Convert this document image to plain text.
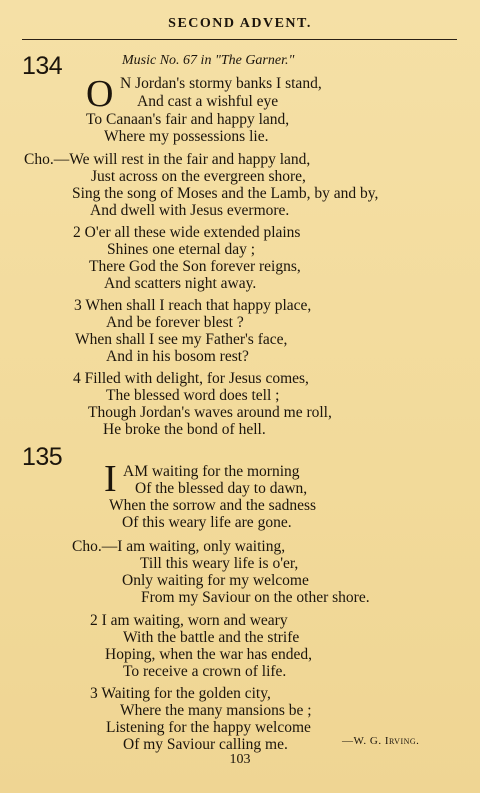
SECOND ADVENT.
134	Music No. 67 in "The Garner."
O N Jordan's stormy banks I stand,
And cast a wishful eye
To Canaan's fair and happy land,
Where my possessions lie.
Cho.—We will rest in the fair and happy land,
Just across on the evergreen shore,
Sing the song of Moses and the Lamb, by and by,
And dwell with Jesus evermore.
2 O'er all these wide extended plains
Shines one eternal day ;
There God the Son forever reigns,
And scatters night away.
3 When shall I reach that happy place,
And be forever blest ?
When shall I see my Father's face,
And in his bosom rest?
4 Filled with delight, for Jesus comes,
The blessed word does tell ;
Though Jordan's waves around me roll,
He broke the bond of hell.
135
I AM waiting for the morning
Of the blessed day to dawn,
When the sorrow and the sadness
Of this weary life are gone.
Cho.—I am waiting, only waiting,
Till this weary life is o'er,
Only waiting for my welcome
From my Saviour on the other shore.
2 I am waiting, worn and weary
With the battle and the strife
Hoping, when the war has ended,
To receive a crown of life.
3 Waiting for the golden city,
Where the many mansions be ;
Listening for the happy welcome
Of my Saviour calling me.	—W. G. Irving.
103
